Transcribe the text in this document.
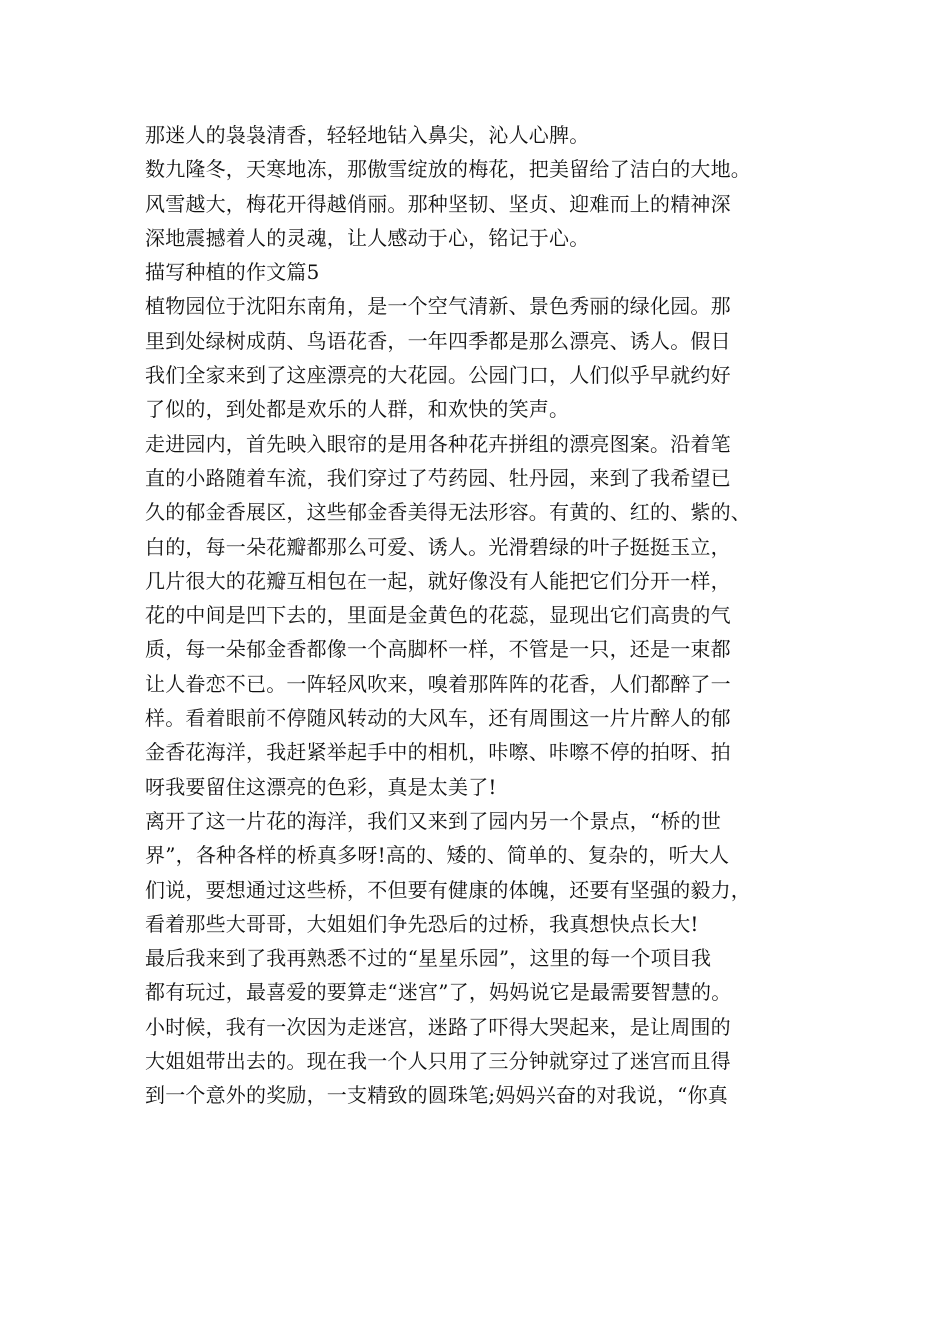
那迷人的袅袅清香，轻轻地钻入鼻尖，沁人心脾。
数九隆冬，天寒地冻，那傲雪绽放的梅花，把美留给了洁白的大地。
风雪越大，梅花开得越俏丽。那种坚韧、坚贞、迎难而上的精神深
深地震撼着人的灵魂，让人感动于心，铭记于心。
描写种植的作文篇5
植物园位于沈阳东南角，是一个空气清新、景色秀丽的绿化园。那
里到处绿树成荫、鸟语花香，一年四季都是那么漂亮、诱人。假日
我们全家来到了这座漂亮的大花园。公园门口，人们似乎早就约好
了似的，到处都是欢乐的人群，和欢快的笑声。
走进园内，首先映入眼帘的是用各种花卉拼组的漂亮图案。沿着笔
直的小路随着车流，我们穿过了芍药园、牡丹园，来到了我希望已
久的郁金香展区，这些郁金香美得无法形容。有黄的、红的、紫的、
白的，每一朵花瓣都那么可爱、诱人。光滑碧绿的叶子挺挺玉立，
几片很大的花瓣互相包在一起，就好像没有人能把它们分开一样，
花的中间是凹下去的，里面是金黄色的花蕊，显现出它们高贵的气
质，每一朵郁金香都像一个高脚杯一样，不管是一只，还是一束都
让人眷恋不已。一阵轻风吹来，嗅着那阵阵的花香，人们都醉了一
样。看着眼前不停随风转动的大风车，还有周围这一片片醉人的郁
金香花海洋，我赶紧举起手中的相机，咔嚓、咔嚓不停的拍呀、拍
呀我要留住这漂亮的色彩，真是太美了!
离开了这一片花的海洋，我们又来到了园内另一个景点，“桥的世
界”，各种各样的桥真多呀!高的、矮的、简单的、复杂的，听大人
们说，要想通过这些桥，不但要有健康的体魄，还要有坚强的毅力，
看着那些大哥哥，大姐姐们争先恐后的过桥，我真想快点长大!
最后我来到了我再熟悉不过的“星星乐园”，这里的每一个项目我
都有玩过，最喜爱的要算走“迷宫”了，妈妈说它是最需要智慧的。
小时候，我有一次因为走迷宫，迷路了吓得大哭起来，是让周围的
大姐姐带出去的。现在我一个人只用了三分钟就穿过了迷宫而且得
到一个意外的奖励，一支精致的圆珠笔;妈妈兴奋的对我说，“你真
